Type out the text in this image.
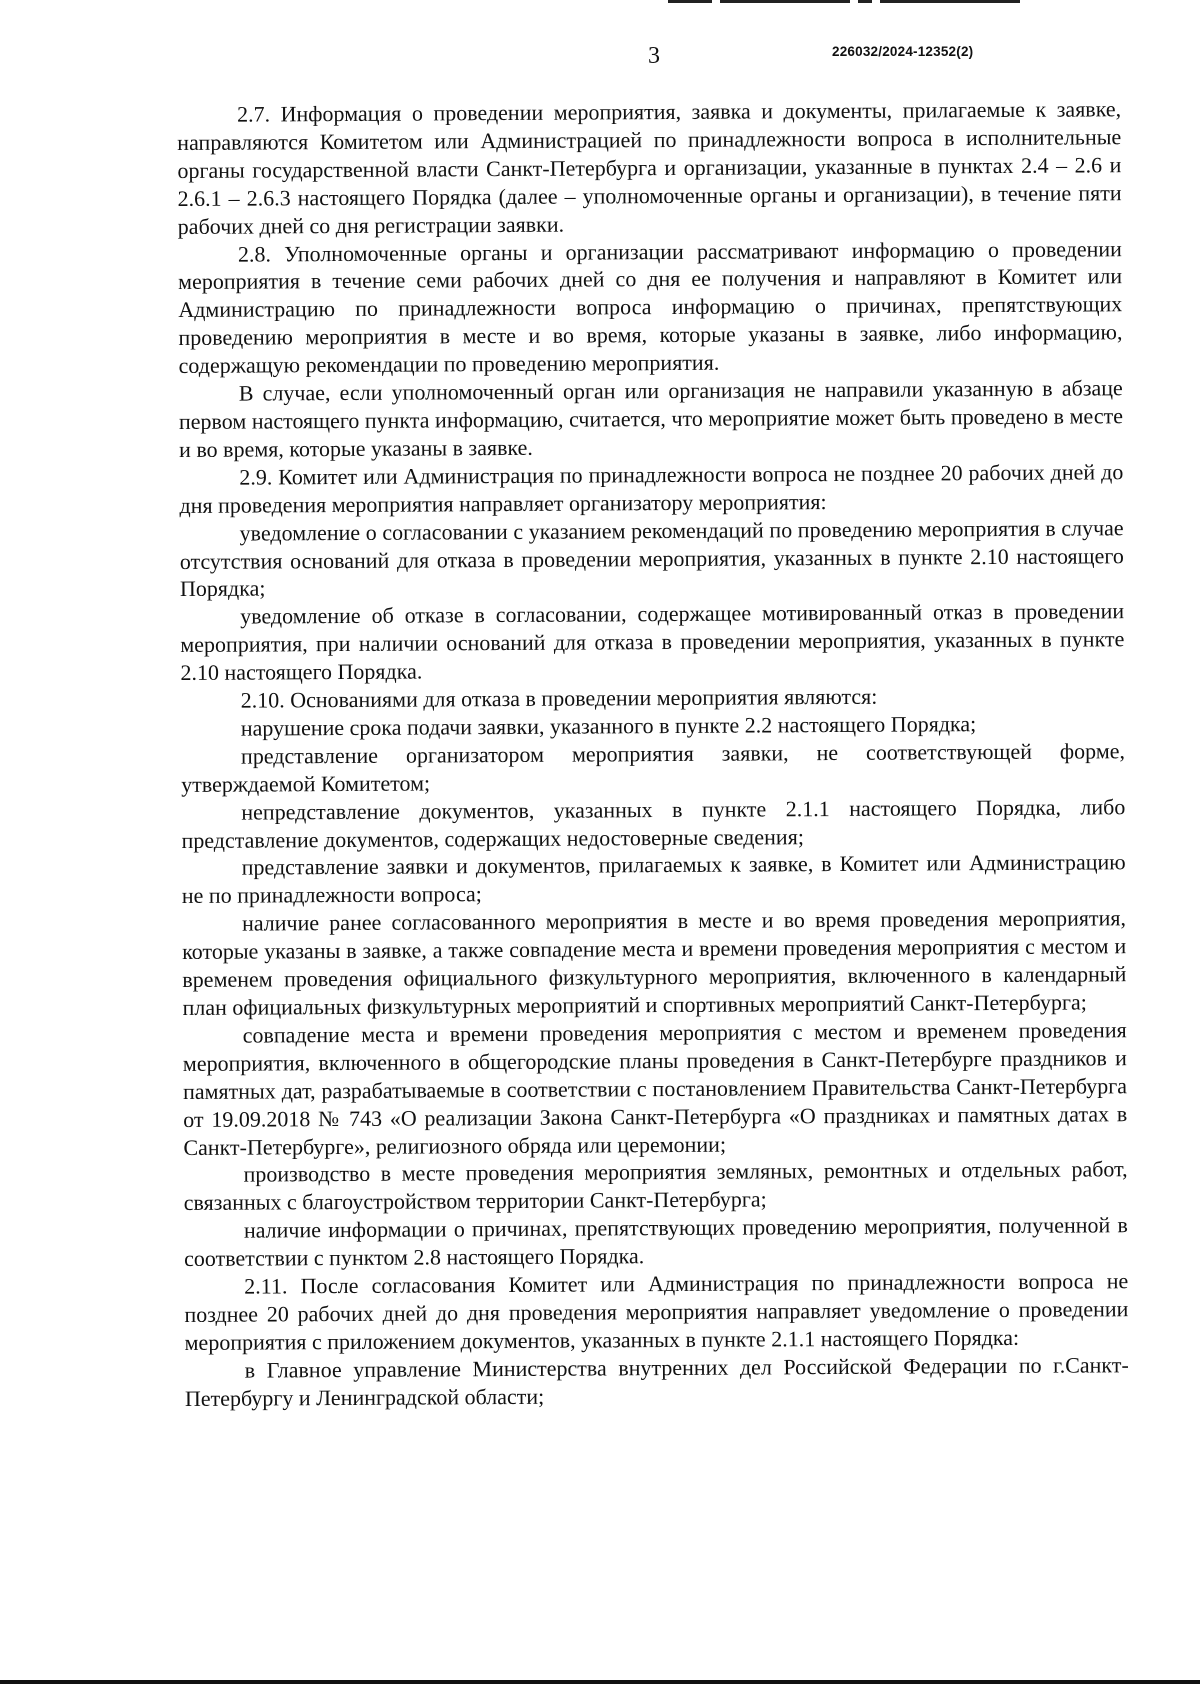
3	226032/2024-12352(2)

2.7. Информация о проведении мероприятия, заявка и документы, прилагаемые к заявке, направляются Комитетом или Администрацией по принадлежности вопроса в исполнительные органы государственной власти Санкт-Петербурга и организации, указанные в пунктах 2.4 – 2.6 и 2.6.1 – 2.6.3 настоящего Порядка (далее – уполномоченные органы и организации), в течение пяти рабочих дней со дня регистрации заявки.

2.8. Уполномоченные органы и организации рассматривают информацию о проведении мероприятия в течение семи рабочих дней со дня ее получения и направляют в Комитет или Администрацию по принадлежности вопроса информацию о причинах, препятствующих проведению мероприятия в месте и во время, которые указаны в заявке, либо информацию, содержащую рекомендации по проведению мероприятия.

В случае, если уполномоченный орган или организация не направили указанную в абзаце первом настоящего пункта информацию, считается, что мероприятие может быть проведено в месте и во время, которые указаны в заявке.

2.9. Комитет или Администрация по принадлежности вопроса не позднее 20 рабочих дней до дня проведения мероприятия направляет организатору мероприятия:

уведомление о согласовании с указанием рекомендаций по проведению мероприятия в случае отсутствия оснований для отказа в проведении мероприятия, указанных в пункте 2.10 настоящего Порядка;

уведомление об отказе в согласовании, содержащее мотивированный отказ в проведении мероприятия, при наличии оснований для отказа в проведении мероприятия, указанных в пункте 2.10 настоящего Порядка.

2.10. Основаниями для отказа в проведении мероприятия являются:

нарушение срока подачи заявки, указанного в пункте 2.2 настоящего Порядка;

представление организатором мероприятия заявки, не соответствующей форме, утверждаемой Комитетом;

непредставление документов, указанных в пункте 2.1.1 настоящего Порядка, либо представление документов, содержащих недостоверные сведения;

представление заявки и документов, прилагаемых к заявке, в Комитет или Администрацию не по принадлежности вопроса;

наличие ранее согласованного мероприятия в месте и во время проведения мероприятия, которые указаны в заявке, а также совпадение места и времени проведения мероприятия с местом и временем проведения официального физкультурного мероприятия, включенного в календарный план официальных физкультурных мероприятий и спортивных мероприятий Санкт-Петербурга;

совпадение места и времени проведения мероприятия с местом и временем проведения мероприятия, включенного в общегородские планы проведения в Санкт-Петербурге праздников и памятных дат, разрабатываемые в соответствии с постановлением Правительства Санкт-Петербурга от 19.09.2018 № 743 «О реализации Закона Санкт-Петербурга «О праздниках и памятных датах в Санкт-Петербурге», религиозного обряда или церемонии;

производство в месте проведения мероприятия земляных, ремонтных и отдельных работ, связанных с благоустройством территории Санкт-Петербурга;

наличие информации о причинах, препятствующих проведению мероприятия, полученной в соответствии с пунктом 2.8 настоящего Порядка.

2.11. После согласования Комитет или Администрация по принадлежности вопроса не позднее 20 рабочих дней до дня проведения мероприятия направляет уведомление о проведении мероприятия с приложением документов, указанных в пункте 2.1.1 настоящего Порядка:

в Главное управление Министерства внутренних дел Российской Федерации по г.Санкт-Петербургу и Ленинградской области;
